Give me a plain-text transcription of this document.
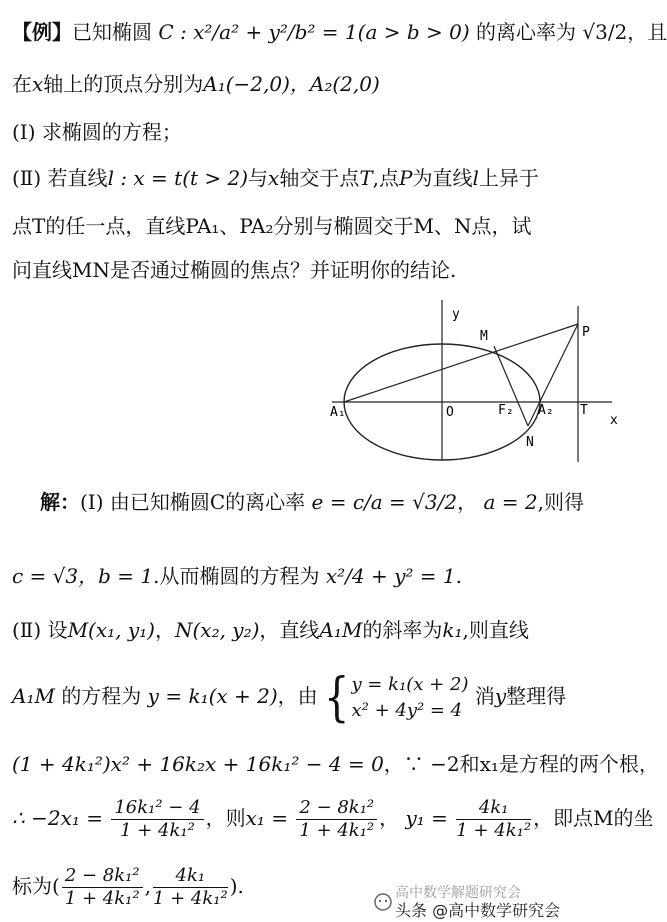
【例】已知椭圆 C : x²/a² + y²/b² = 1(a > b > 0) 的离心率为 √3/2，且
在x轴上的顶点分别为A₁(−2,0)，A₂(2,0)
(Ⅰ) 求椭圆的方程；
(Ⅱ) 若直线l : x = t(t > 2)与x轴交于点T,点P为直线l上异于
点T的任一点，直线PA₁、PA₂分别与椭圆交于M、N点，试
问直线MN是否通过椭圆的焦点？并证明你的结论.
y
x
M	P
O	F₂
A₁	A₂ T
N
解：(Ⅰ) 由已知椭圆C的离心率 e = c/a = √3/2， a = 2,则得
c = √3，b = 1.从而椭圆的方程为 x²/4 + y² = 1.
(Ⅱ) 设M(x₁, y₁)，N(x₂, y₂)，直线A₁M的斜率为k₁,则直线
A₁M 的方程为 y = k₁(x + 2)，由 { y = k₁(x + 2)
x² + 4y² = 4
消y整理得
(1 + 4k₁²)x² + 16k₂x + 16k₁² − 4 = 0，∵ −2和x₁是方程的两个根，
∴ $-2x_1 = \frac{\text{16k₁² − 4}}{\text{1 + 4k₁²}}$ ，则$x_1 = \frac{\text{2 − 8k₁²}}{\text{1 + 4k₁²}}$ ， $y_1 = \frac{\text{4k₁}}{\text{1 + 4k₁²}}$ ，即点M的坐
标为( $\frac{\text{2 − 8k₁²}}{\text{1 + 4k₁²}}$ , $\frac{\text{4k₁}}{\text{1 + 4k₁²}}$ ).	高中数学解题研究会
头条 @高中数学研究会
